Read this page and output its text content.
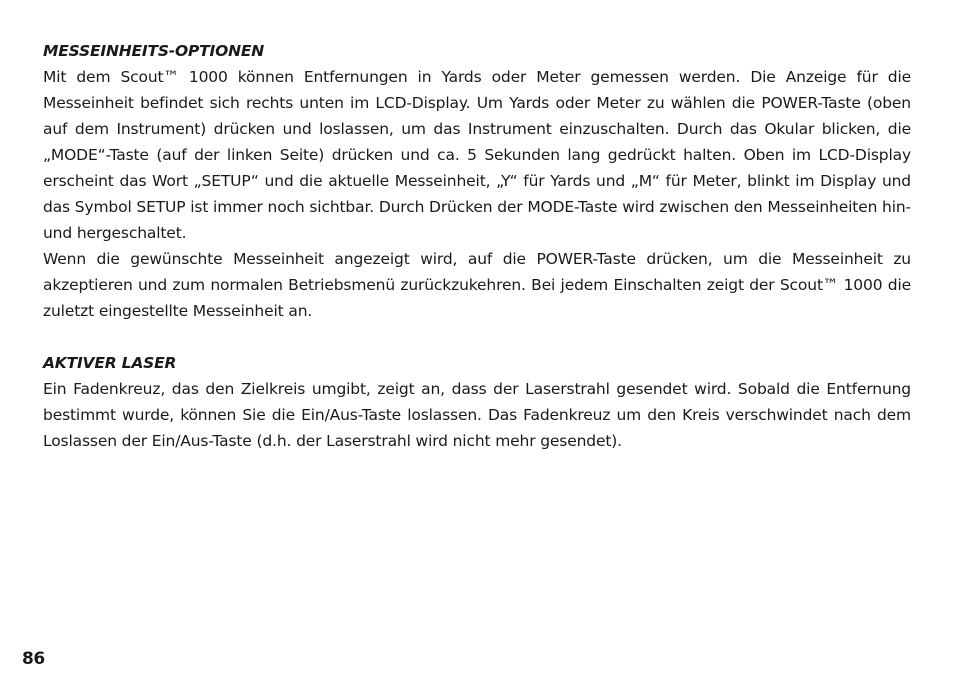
MESSEINHEITS-OPTIONEN

Mit dem Scout™ 1000 können Entfernungen in Yards oder Meter gemessen werden. Die Anzeige für die Messeinheit befindet sich rechts unten im LCD-Display. Um Yards oder Meter zu wählen die POWER-Taste (oben auf dem Instrument) drücken und loslassen, um das Instrument einzuschalten. Durch das Okular blicken, die „MODE“-Taste (auf der linken Seite) drücken und ca. 5 Sekunden lang gedrückt halten. Oben im LCD-Display erscheint das Wort „SETUP“ und die aktuelle Messeinheit, „Y“ für Yards und „M“ für Meter, blinkt im Display und das Symbol SETUP ist immer noch sichtbar. Durch Drücken der MODE-Taste wird zwischen den Messeinheiten hin- und hergeschaltet.

Wenn die gewünschte Messeinheit angezeigt wird, auf die POWER-Taste drücken, um die Messeinheit zu akzeptieren und zum normalen Betriebsmenü zurückzukehren. Bei jedem Einschalten zeigt der Scout™ 1000 die zuletzt eingestellte Messeinheit an.

AKTIVER LASER

Ein Fadenkreuz, das den Zielkreis umgibt, zeigt an, dass der Laserstrahl gesendet wird. Sobald die Entfernung bestimmt wurde, können Sie die Ein/Aus-Taste loslassen. Das Fadenkreuz um den Kreis verschwindet nach dem Loslassen der Ein/Aus-Taste (d.h. der Laserstrahl wird nicht mehr gesendet).

86
